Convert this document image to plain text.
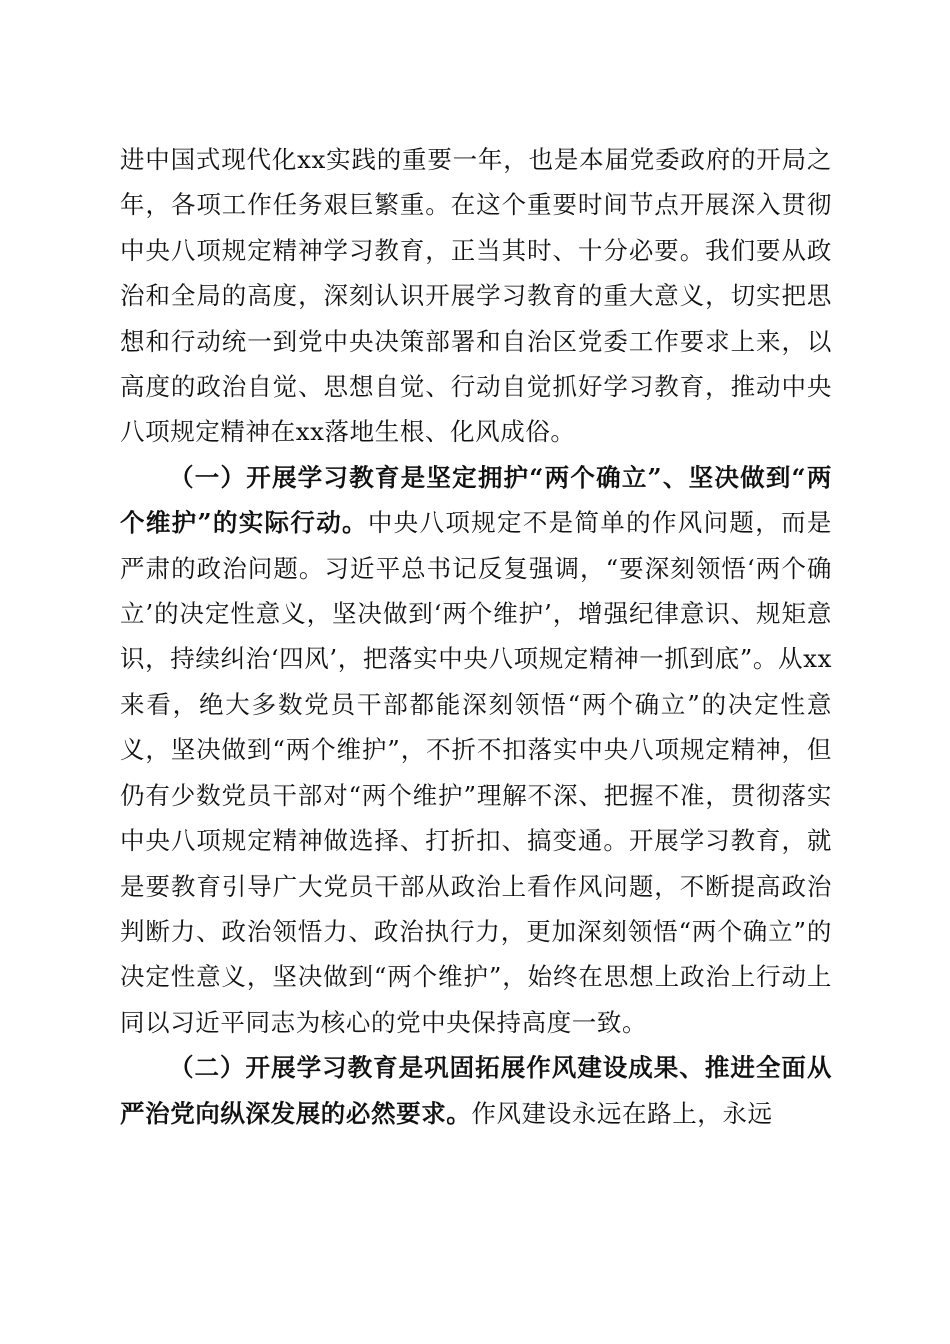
进中国式现代化xx实践的重要一年，也是本届党委政府的开局之年，各项工作任务艰巨繁重。在这个重要时间节点开展深入贯彻中央八项规定精神学习教育，正当其时、十分必要。我们要从政治和全局的高度，深刻认识开展学习教育的重大意义，切实把思想和行动统一到党中央决策部署和自治区党委工作要求上来，以高度的政治自觉、思想自觉、行动自觉抓好学习教育，推动中央八项规定精神在xx落地生根、化风成俗。

（一）开展学习教育是坚定拥护“两个确立”、坚决做到“两个维护”的实际行动。中央八项规定不是简单的作风问题，而是严肃的政治问题。习近平总书记反复强调，“要深刻领悟‘两个确立’的决定性意义，坚决做到‘两个维护’，增强纪律意识、规矩意识，持续纠治‘四风’，把落实中央八项规定精神一抓到底”。从xx来看，绝大多数党员干部都能深刻领悟“两个确立”的决定性意义，坚决做到“两个维护”，不折不扣落实中央八项规定精神，但仍有少数党员干部对“两个维护”理解不深、把握不准，贯彻落实中央八项规定精神做选择、打折扣、搞变通。开展学习教育，就是要教育引导广大党员干部从政治上看作风问题，不断提高政治判断力、政治领悟力、政治执行力，更加深刻领悟“两个确立”的决定性意义，坚决做到“两个维护”，始终在思想上政治上行动上同以习近平同志为核心的党中央保持高度一致。

（二）开展学习教育是巩固拓展作风建设成果、推进全面从严治党向纵深发展的必然要求。作风建设永远在路上，永远
